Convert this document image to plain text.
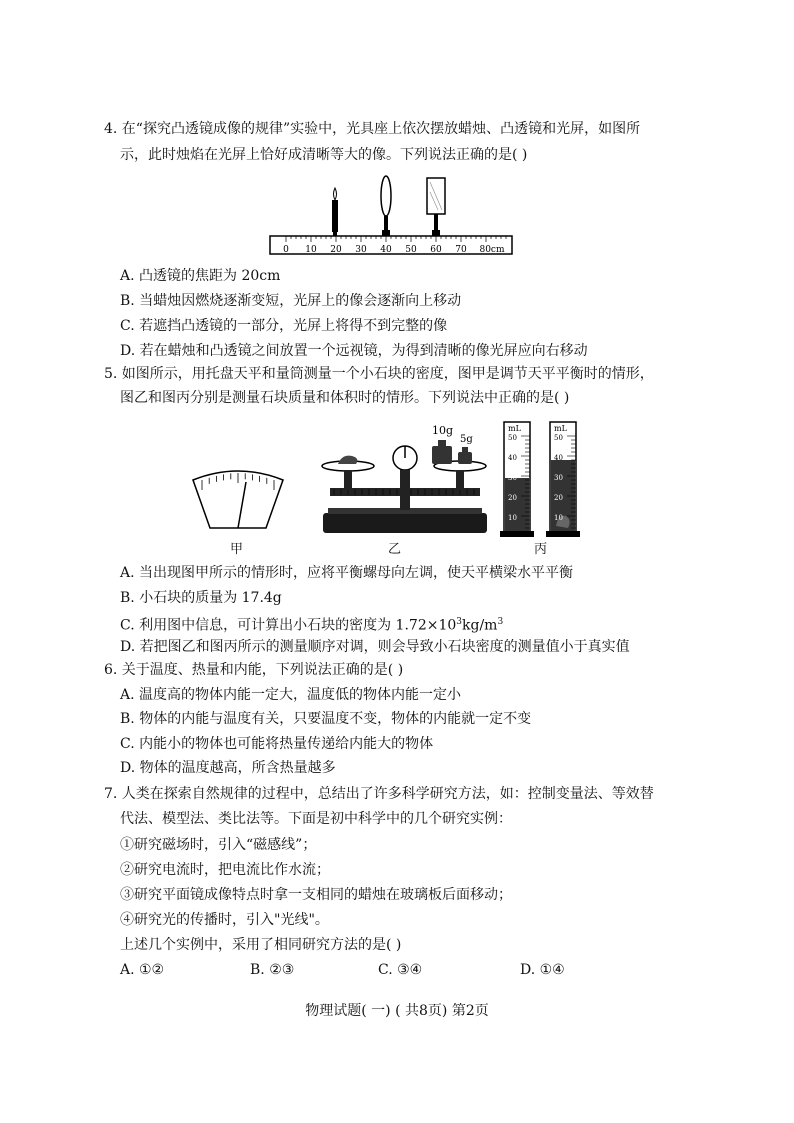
4. 在“探究凸透镜成像的规律”实验中，光具座上依次摆放蜡烛、凸透镜和光屏，如图所
示，此时烛焰在光屏上恰好成清晰等大的像。下列说法正确的是( )
0 10 20 30 40 50 60 70 80cm
A. 凸透镜的焦距为 20cm
B. 当蜡烛因燃烧逐渐变短，光屏上的像会逐渐向上移动
C. 若遮挡凸透镜的一部分，光屏上将得不到完整的像
D. 若在蜡烛和凸透镜之间放置一个远视镜，为得到清晰的像光屏应向右移动
5. 如图所示，用托盘天平和量筒测量一个小石块的密度，图甲是调节天平平衡时的情形，
图乙和图丙分别是测量石块质量和体积时的情形。下列说法中正确的是( )
甲
10g
5g
乙
mL
50
40
30
20
10
mL
50
40
30
20
10
丙
A. 当出现图甲所示的情形时，应将平衡螺母向左调，使天平横梁水平平衡
B. 小石块的质量为 17.4g
C. 利用图中信息，可计算出小石块的密度为 $1.72\times 10^3kg/m^3$
D. 若把图乙和图丙所示的测量顺序对调，则会导致小石块密度的测量值小于真实值
6. 关于温度、热量和内能，下列说法正确的是( )
A. 温度高的物体内能一定大，温度低的物体内能一定小
B. 物体的内能与温度有关，只要温度不变，物体的内能就一定不变
C. 内能小的物体也可能将热量传递给内能大的物体
D. 物体的温度越高，所含热量越多
7. 人类在探索自然规律的过程中，总结出了许多科学研究方法，如：控制变量法、等效替
代法、模型法、类比法等。下面是初中科学中的几个研究实例：
①研究磁场时，引入“磁感线”；
②研究电流时，把电流比作水流；
③研究平面镜成像特点时拿一支相同的蜡烛在玻璃板后面移动；
④研究光的传播时，引入"光线"。
上述几个实例中，采用了相同研究方法的是( )
A. ①②	B. ②③	C. ③④	D. ①④
物理试题( 一) ( 共8页) 第2页
